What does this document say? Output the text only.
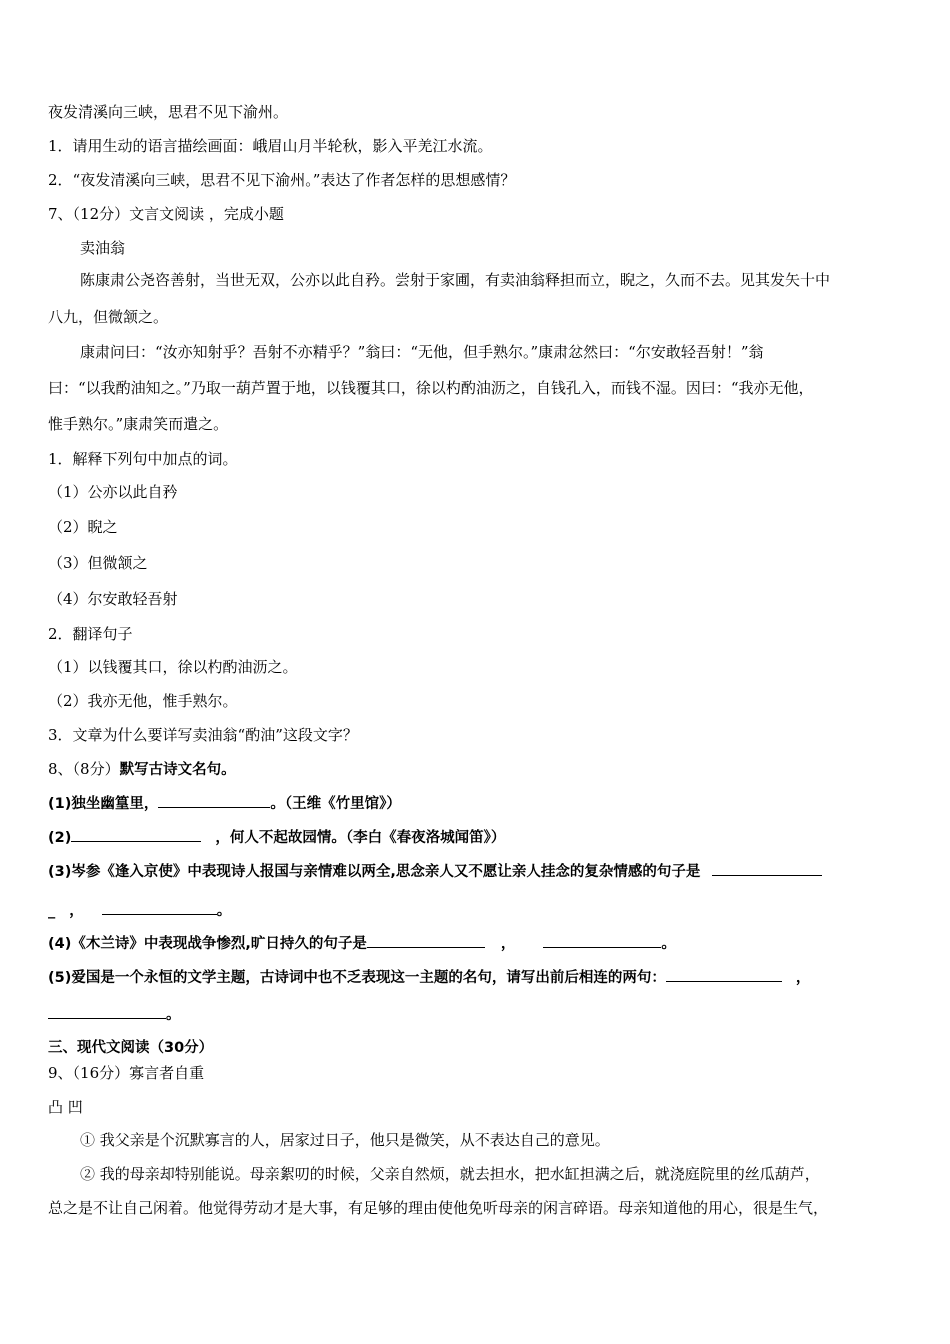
夜发清溪向三峡，思君不见下渝州。
1．请用生动的语言描绘画面：峨眉山月半轮秋，影入平羌江水流。
2．“夜发清溪向三峡，思君不见下渝州。”表达了作者怎样的思想感情？
7、（12分）文言文阅读 ，完成小题
卖油翁
陈康肃公尧咨善射，当世无双，公亦以此自矜。尝射于家圃，有卖油翁释担而立，睨之，久而不去。见其发矢十中
八九，但微颔之。
康肃问曰：“汝亦知射乎？吾射不亦精乎？”翁曰：“无他，但手熟尔。”康肃忿然曰：“尔安敢轻吾射！”翁
曰：“以我酌油知之。”乃取一葫芦置于地，以钱覆其口，徐以杓酌油沥之，自钱孔入，而钱不湿。因曰：“我亦无他，
惟手熟尔。”康肃笑而遣之。
1．解释下列句中加点的词。
（1）公亦以此自矜
（2）睨之
（3）但微颔之
（4）尔安敢轻吾射
2．翻译句子
（1）以钱覆其口，徐以杓酌油沥之。
（2）我亦无他，惟手熟尔。
3．文章为什么要详写卖油翁“酌油”这段文字？
8、（8分）默写古诗文名句。
(1)独坐幽篁里，	。（王维《竹里馆》）
(2)	，何人不起故园情。（李白《春夜洛城闻笛》）
(3)岑参《逢入京使》中表现诗人报国与亲情难以两全,思念亲人又不愿让亲人挂念的复杂情感的句子是
_ ，	。
(4)《木兰诗》中表现战争惨烈,旷日持久的句子是	，	。
(5)爱国是一个永恒的文学主题，古诗词中也不乏表现这一主题的名句，请写出前后相连的两句：	，
。
三、现代文阅读（30分）
9、（16分）寡言者自重
凸 凹
① 我父亲是个沉默寡言的人，居家过日子，他只是微笑，从不表达自己的意见。
② 我的母亲却特别能说。母亲絮叨的时候，父亲自然烦，就去担水，把水缸担满之后，就浇庭院里的丝瓜葫芦，
总之是不让自己闲着。他觉得劳动才是大事，有足够的理由使他免听母亲的闲言碎语。母亲知道他的用心，很是生气，
